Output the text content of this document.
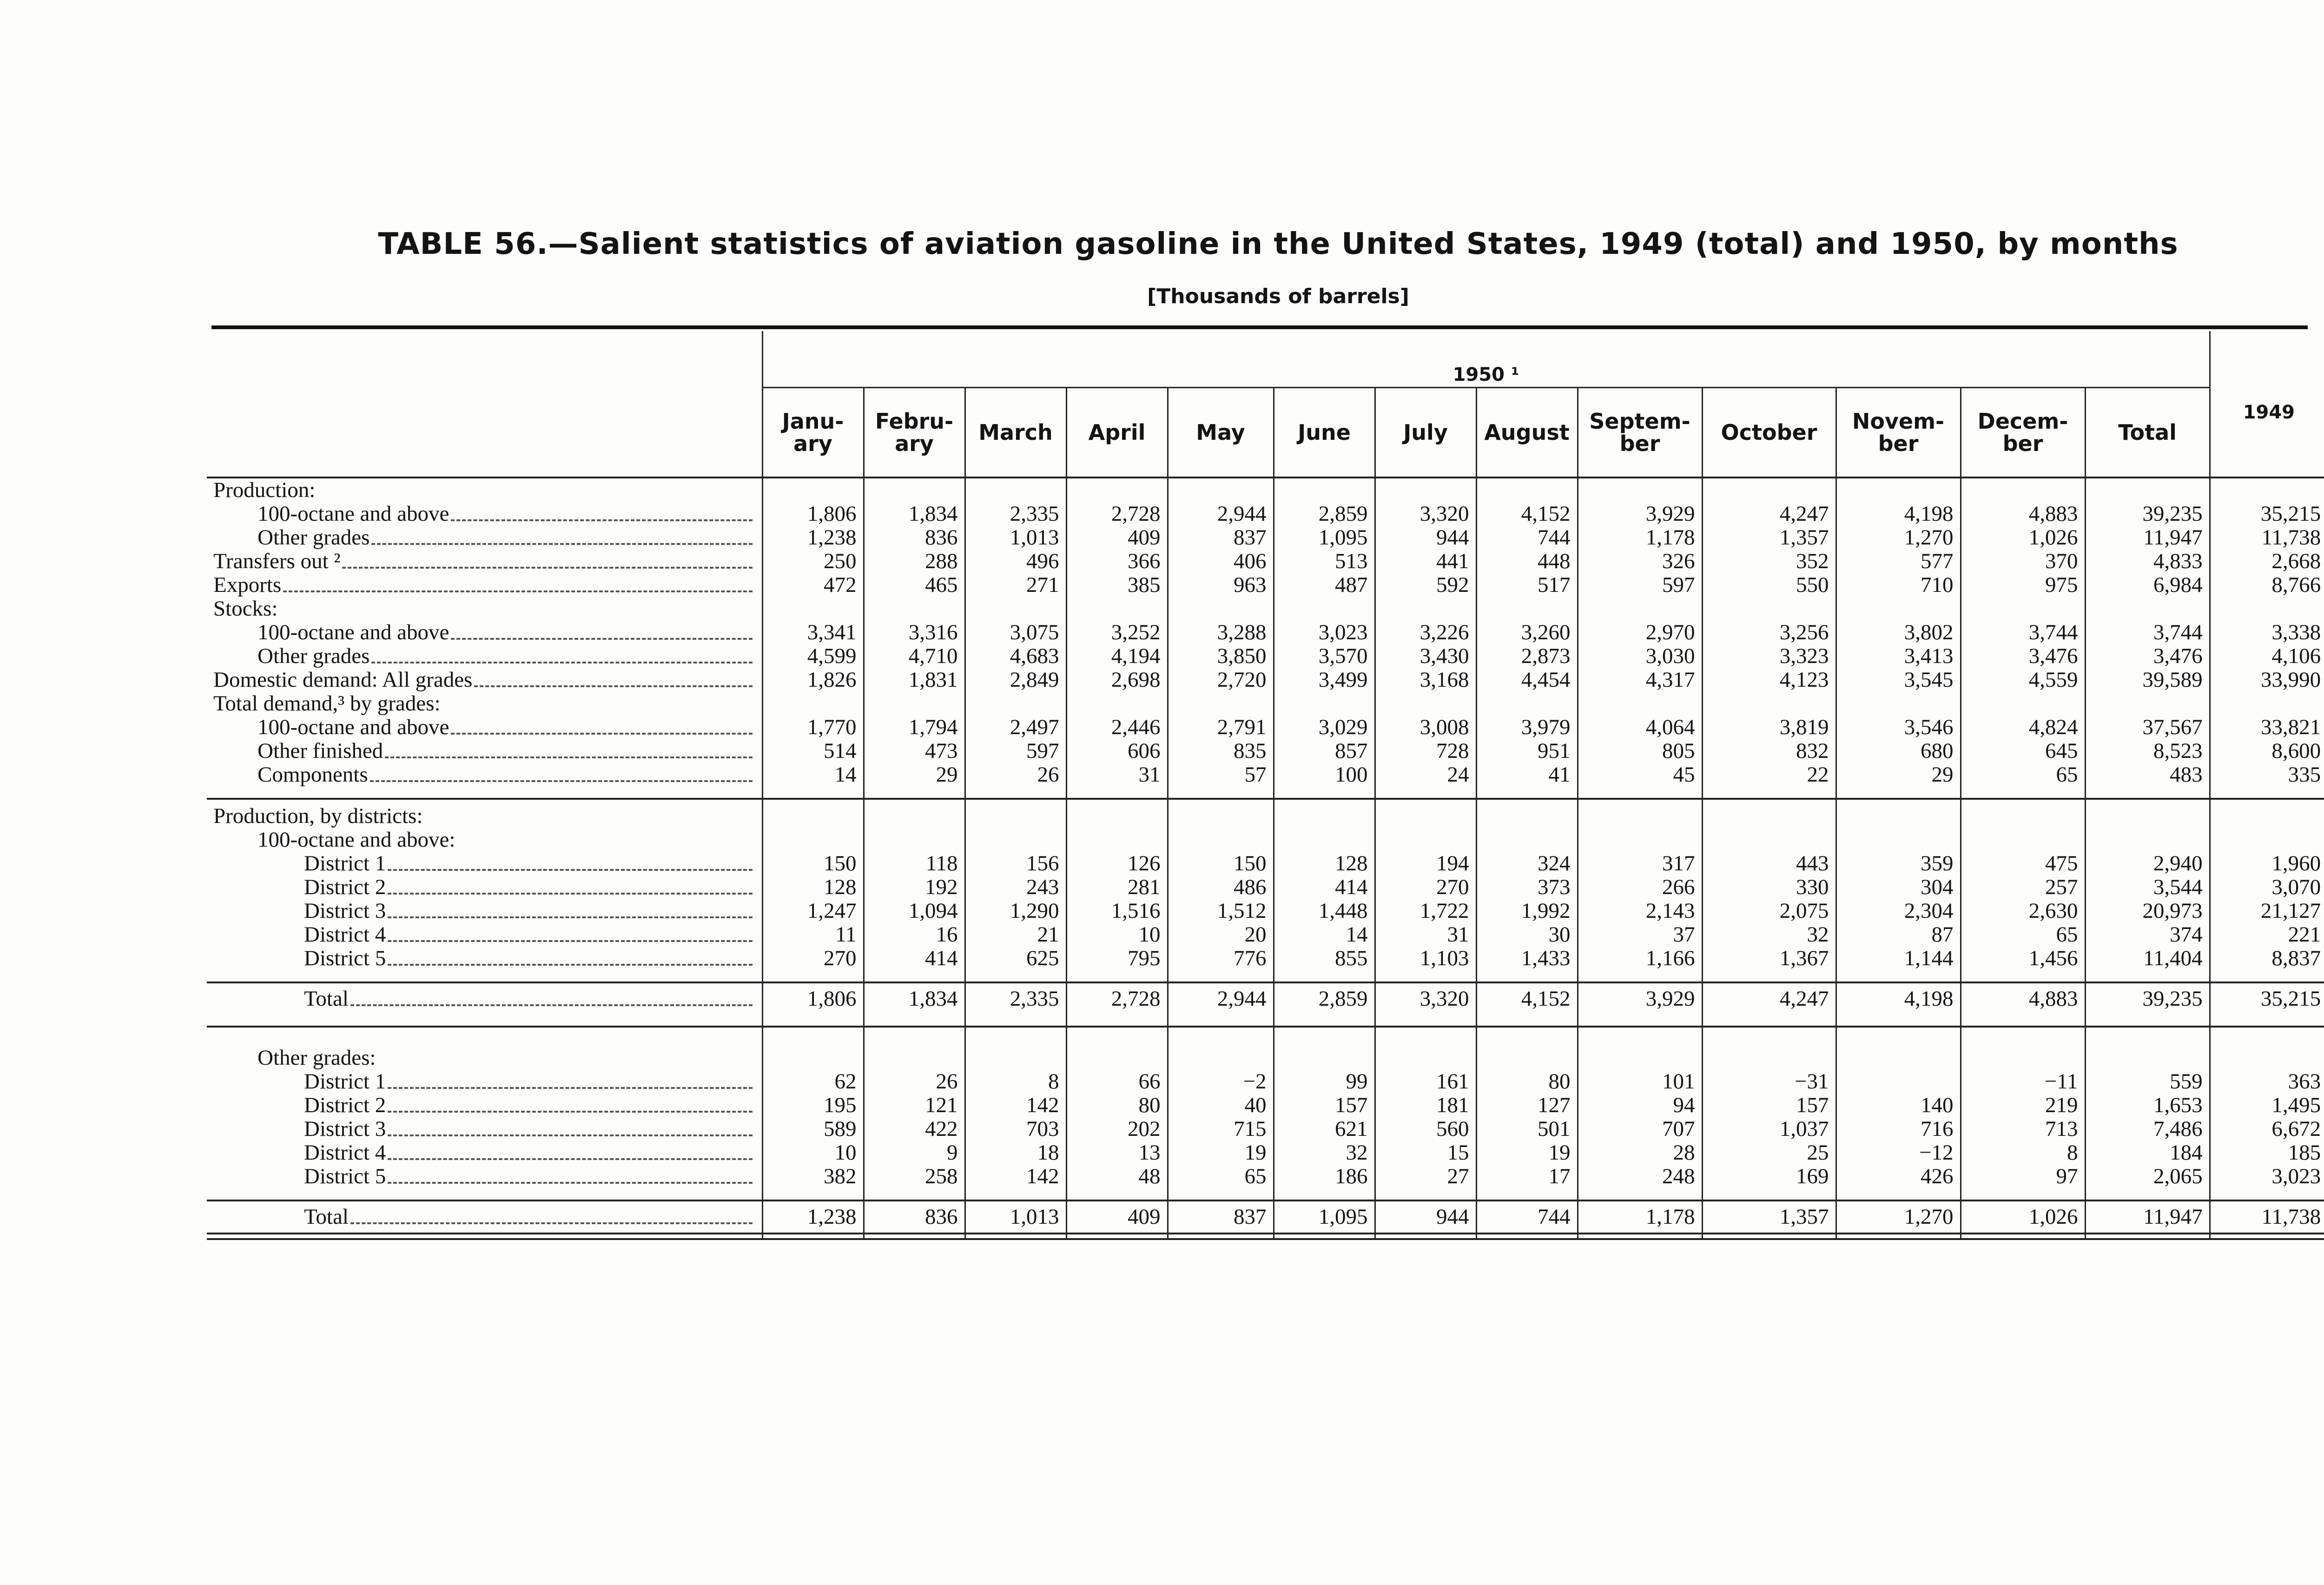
TABLE 56.—Salient statistics of aviation gasoline in the United States, 1949 (total) and 1950, by months
[Thousands of barrels]
	1950 ¹													1949
	Janu-ary	Febru-ary	March	April	May	June	July	August	Septem-ber	October	Novem-ber	Decem-ber	Total	

Production:														

100-octane and above	1,806	1,834	2,335	2,728	2,944	2,859	3,320	4,152	3,929	4,247	4,198	4,883	39,235	35,215

Other grades	1,238	836	1,013	409	837	1,095	944	744	1,178	1,357	1,270	1,026	11,947	11,738

Transfers out ²	250	288	496	366	406	513	441	448	326	352	577	370	4,833	2,668

Exports	472	465	271	385	963	487	592	517	597	550	710	975	6,984	8,766

Stocks:														

100-octane and above	3,341	3,316	3,075	3,252	3,288	3,023	3,226	3,260	2,970	3,256	3,802	3,744	3,744	3,338

Other grades	4,599	4,710	4,683	4,194	3,850	3,570	3,430	2,873	3,030	3,323	3,413	3,476	3,476	4,106

Domestic demand: All grades	1,826	1,831	2,849	2,698	2,720	3,499	3,168	4,454	4,317	4,123	3,545	4,559	39,589	33,990

Total demand,³ by grades:														

100-octane and above	1,770	1,794	2,497	2,446	2,791	3,029	3,008	3,979	4,064	3,819	3,546	4,824	37,567	33,821

Other finished	514	473	597	606	835	857	728	951	805	832	680	645	8,523	8,600

Components	14	29	26	31	57	100	24	41	45	22	29	65	483	335

Production, by districts:														

100-octane and above:														

District 1	150	118	156	126	150	128	194	324	317	443	359	475	2,940	1,960

District 2	128	192	243	281	486	414	270	373	266	330	304	257	3,544	3,070

District 3	1,247	1,094	1,290	1,516	1,512	1,448	1,722	1,992	2,143	2,075	2,304	2,630	20,973	21,127

District 4	11	16	21	10	20	14	31	30	37	32	87	65	374	221

District 5	270	414	625	795	776	855	1,103	1,433	1,166	1,367	1,144	1,456	11,404	8,837

Total	1,806	1,834	2,335	2,728	2,944	2,859	3,320	4,152	3,929	4,247	4,198	4,883	39,235	35,215

Other grades:														

District 1	62	26	8	66	−2	99	161	80	101	−31		−11	559	363

District 2	195	121	142	80	40	157	181	127	94	157	140	219	1,653	1,495

District 3	589	422	703	202	715	621	560	501	707	1,037	716	713	7,486	6,672

District 4	10	9	18	13	19	32	15	19	28	25	−12	8	184	185

District 5	382	258	142	48	65	186	27	17	248	169	426	97	2,065	3,023

Total	1,238	836	1,013	409	837	1,095	944	744	1,178	1,357	1,270	1,026	11,947	11,738
